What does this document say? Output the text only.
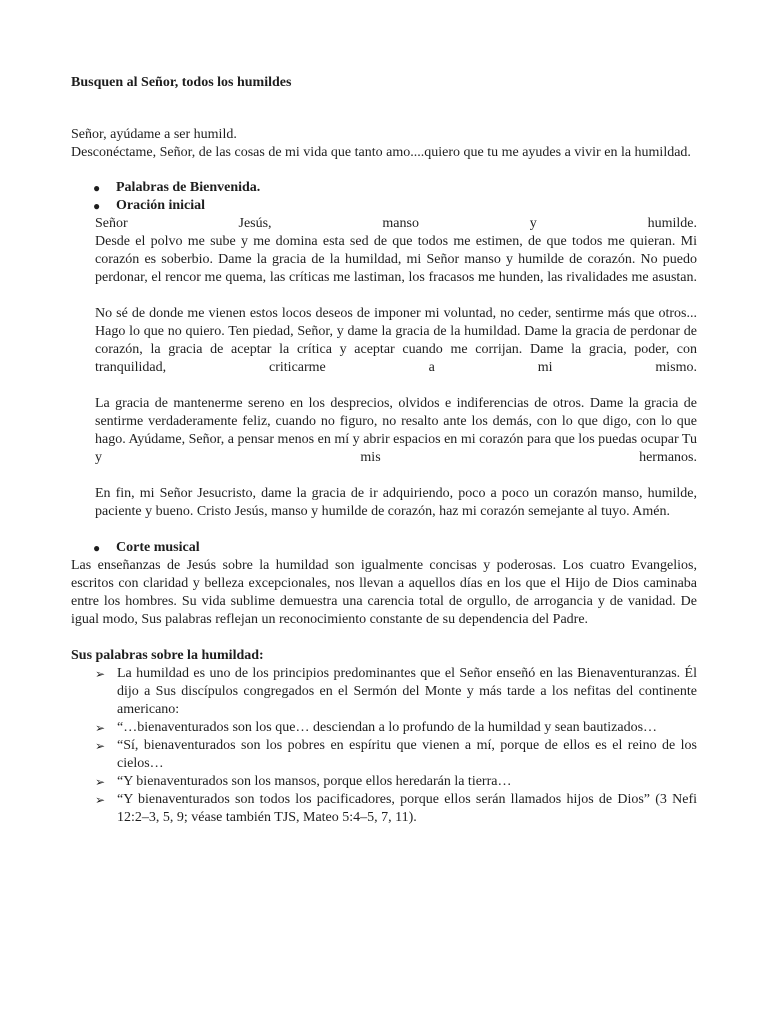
Busquen al Señor, todos los humildes

Señor, ayúdame a ser humild.

Desconéctame, Señor, de las cosas de mi vida que tanto amo....quiero que tu me ayudes a vivir en la humildad.

● Palabras de Bienvenida.
● Oración inicial

Señor Jesús, manso y humilde.

Desde el polvo me sube y me domina esta sed de que todos me estimen, de que todos me quieran. Mi corazón es soberbio. Dame la gracia de la humildad, mi Señor manso y humilde de corazón. No puedo perdonar, el rencor me quema, las críticas me lastiman, los fracasos me hunden, las rivalidades me asustan.

No sé de donde me vienen estos locos deseos de imponer mi voluntad, no ceder, sentirme más que otros... Hago lo que no quiero. Ten piedad, Señor, y dame la gracia de la humildad. Dame la gracia de perdonar de corazón, la gracia de aceptar la crítica y aceptar cuando me corrijan. Dame la gracia, poder, con tranquilidad, criticarme a mi mismo.

La gracia de mantenerme sereno en los desprecios, olvidos e indiferencias de otros. Dame la gracia de sentirme verdaderamente feliz, cuando no figuro, no resalto ante los demás, con lo que digo, con lo que hago. Ayúdame, Señor, a pensar menos en mí y abrir espacios en mi corazón para que los puedas ocupar Tu y mis hermanos.

En fin, mi Señor Jesucristo, dame la gracia de ir adquiriendo, poco a poco un corazón manso, humilde, paciente y bueno. Cristo Jesús, manso y humilde de corazón, haz mi corazón semejante al tuyo. Amén.

● Corte musical

Las enseñanzas de Jesús sobre la humildad son igualmente concisas y poderosas. Los cuatro Evangelios, escritos con claridad y belleza excepcionales, nos llevan a aquellos días en los que el Hijo de Dios caminaba entre los hombres. Su vida sublime demuestra una carencia total de orgullo, de arrogancia y de vanidad. De igual modo, Sus palabras reflejan un reconocimiento constante de su dependencia del Padre.

Sus palabras sobre la humildad:

➢ La humildad es uno de los principios predominantes que el Señor enseñó en las Bienaventuranzas. Él dijo a Sus discípulos congregados en el Sermón del Monte y más tarde a los nefitas del continente americano:
➢ “…bienaventurados son los que… desciendan a lo profundo de la humildad y sean bautizados…
➢ “Sí, bienaventurados son los pobres en espíritu que vienen a mí, porque de ellos es el reino de los cielos…
➢ “Y bienaventurados son los mansos, porque ellos heredarán la tierra…
➢ “Y bienaventurados son todos los pacificadores, porque ellos serán llamados hijos de Dios” (3 Nefi 12:2–3, 5, 9; véase también TJS, Mateo 5:4–5, 7, 11).
